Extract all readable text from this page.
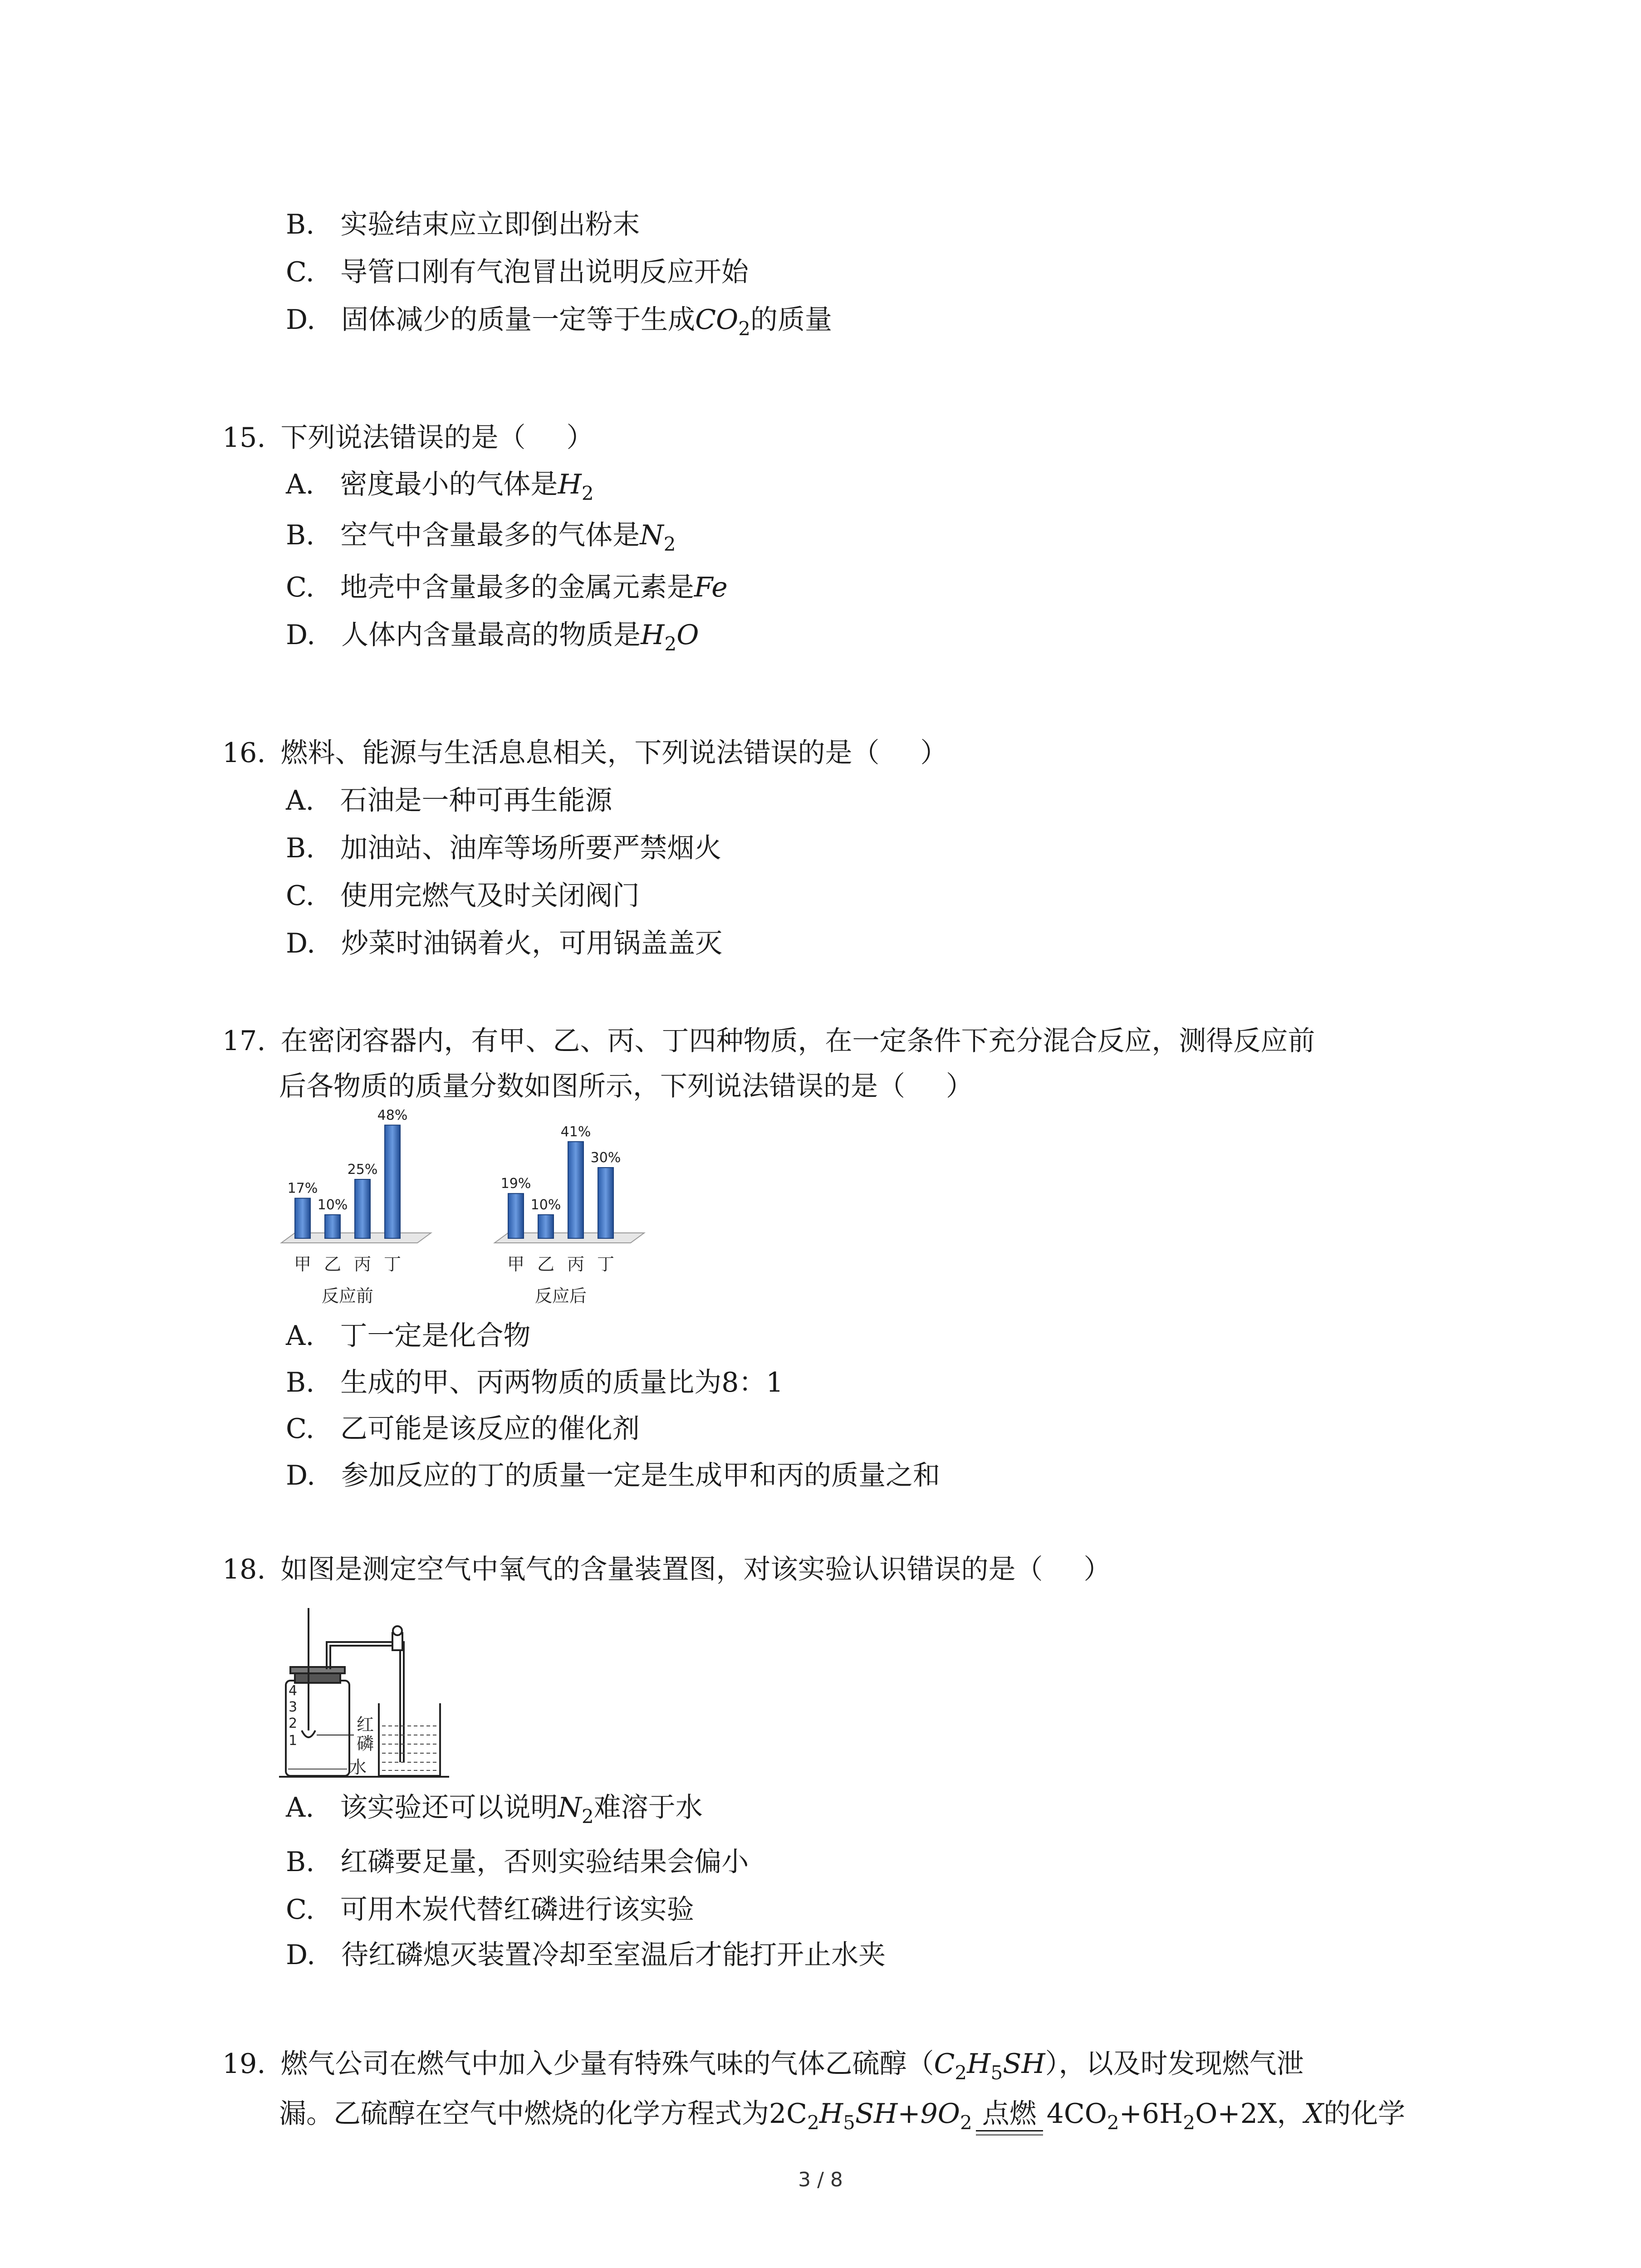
B. 实验结束应立即倒出粉末
C. 导管口刚有气泡冒出说明反应开始
D. 固体减少的质量一定等于生成$CO_2$的质量
15. 下列说法错误的是（ ）
A. 密度最小的气体是$H_2$
B. 空气中含量最多的气体是$N_2$
C. 地壳中含量最多的金属元素是Fe
D. 人体内含量最高的物质是$H_2O$
16. 燃料、能源与生活息息相关，下列说法错误的是（ ）
A. 石油是一种可再生能源
B. 加油站、油库等场所要严禁烟火
C. 使用完燃气及时关闭阀门
D. 炒菜时油锅着火，可用锅盖盖灭
17. 在密闭容器内，有甲、乙、丙、丁四种物质，在一定条件下充分混合反应，测得反应前
后各物质的质量分数如图所示，下列说法错误的是（ ）
17%
甲
10%
乙
25%
丙
48%
丁
反应前
19%
甲
10%
乙
41%
丙
30%
丁
反应后
A. 丁一定是化合物
B. 生成的甲、丙两物质的质量比为8：1
C. 乙可能是该反应的催化剂
D. 参加反应的丁的质量一定是生成甲和丙的质量之和
18. 如图是测定空气中氧气的含量装置图，对该实验认识错误的是（ ）
4
3
2
1
红
磷
水
A. 该实验还可以说明$N_2$难溶于水
B. 红磷要足量，否则实验结果会偏小
C. 可用木炭代替红磷进行该实验
D. 待红磷熄灭装置冷却至室温后才能打开止水夹
19. 燃气公司在燃气中加入少量有特殊气味的气体乙硫醇$(C_2H_5SH)$，以及时发现燃气泄
漏。乙硫醇在空气中燃烧的化学方程式为$2C_2H_5SH+9O_2$ 点燃 $4CO_2+6H_2O+2X$，X的化学
3 / 8
